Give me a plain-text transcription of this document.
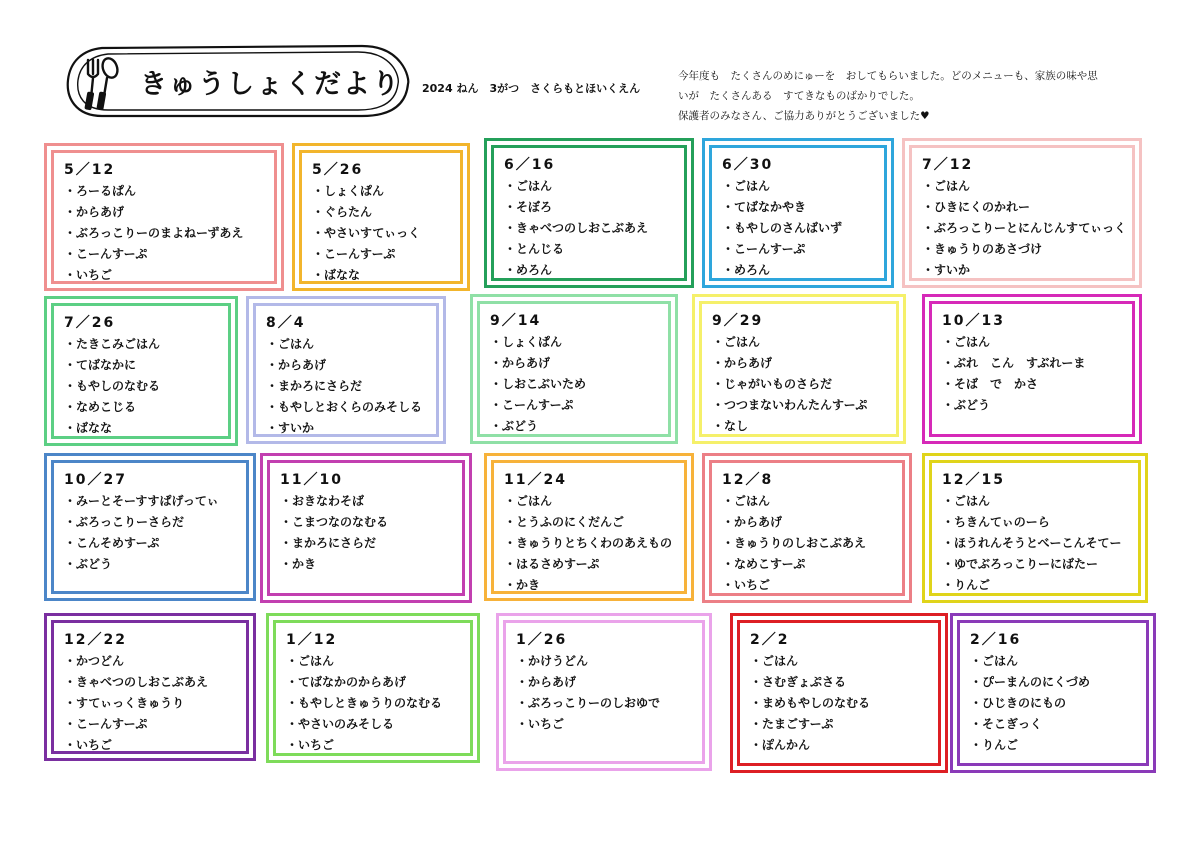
きゅうしょくだより 2024 ねん　3がつ　さくらもとほいくえん
今年度も　たくさんのめにゅーを　おしてもらいました。どのメニューも、家族の味や思
いが　たくさんある　すてきなものばかりでした。
保護者のみなさん、ご協力ありがとうございました♥
5／12
・ろーるぱん
・からあげ
・ぶろっこりーのまよねーずあえ
・こーんすーぷ
・いちご
5／26
・しょくぱん
・ぐらたん
・やさいすてぃっく
・こーんすーぷ
・ばなな
6／16
・ごはん
・そぼろ
・きゃべつのしおこぶあえ
・とんじる
・めろん
6／30
・ごはん
・てばなかやき
・もやしのさんばいず
・こーんすーぷ
・めろん
7／12
・ごはん
・ひきにくのかれー
・ぶろっこりーとにんじんすてぃっく
・きゅうりのあさづけ
・すいか
7／26
・たきこみごはん
・てばなかに
・もやしのなむる
・なめこじる
・ばなな
8／4
・ごはん
・からあげ
・まかろにさらだ
・もやしとおくらのみそしる
・すいか
9／14
・しょくぱん
・からあげ
・しおこぶいため
・こーんすーぷ
・ぶどう
9／29
・ごはん
・からあげ
・じゃがいものさらだ
・つつまないわんたんすーぷ
・なし
10／13
・ごはん
・ぶれ　こん　すぶれーま
・そば　で　かさ
・ぶどう
10／27
・みーとそーすすぱげってぃ
・ぶろっこりーさらだ
・こんそめすーぷ
・ぶどう
11／10
・おきなわそば
・こまつなのなむる
・まかろにさらだ
・かき
11／24
・ごはん
・とうふのにくだんご
・きゅうりとちくわのあえもの
・はるさめすーぷ
・かき
12／8
・ごはん
・からあげ
・きゅうりのしおこぶあえ
・なめこすーぷ
・いちご
12／15
・ごはん
・ちきんてぃのーら
・ほうれんそうとべーこんそてー
・ゆでぶろっこりーにばたー
・りんご
12／22
・かつどん
・きゃべつのしおこぶあえ
・すてぃっくきゅうり
・こーんすーぷ
・いちご
1／12
・ごはん
・てばなかのからあげ
・もやしときゅうりのなむる
・やさいのみそしる
・いちご
1／26
・かけうどん
・からあげ
・ぶろっこりーのしおゆで
・いちご
2／2
・ごはん
・さむぎょぷさる
・まめもやしのなむる
・たまごすーぷ
・ぽんかん
2／16
・ごはん
・ぴーまんのにくづめ
・ひじきのにもの
・そこぎっく
・りんご
